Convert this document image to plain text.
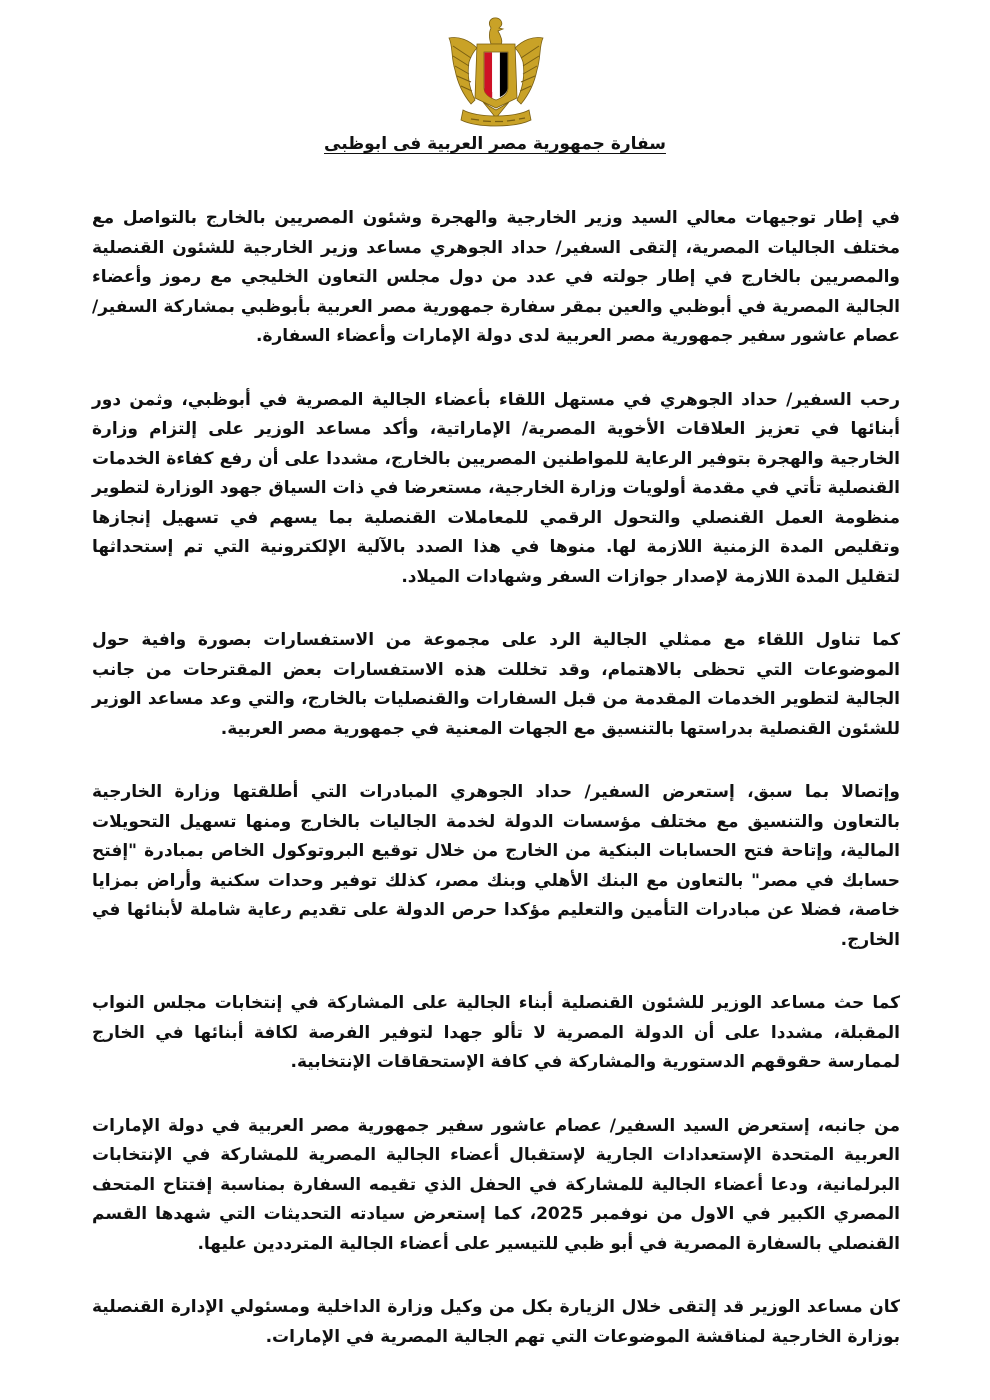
سفارة جمهورية مصر العربية فى ابوظبى

في إطار توجيهات معالي السيد وزير الخارجية والهجرة وشئون المصريين بالخارج بالتواصل مع مختلف الجاليات المصرية، إلتقى السفير/ حداد الجوهري مساعد وزير الخارجية للشئون القنصلية والمصريين بالخارج في إطار جولته في عدد من دول مجلس التعاون الخليجي مع رموز وأعضاء الجالية المصرية في أبوظبي والعين بمقر سفارة جمهورية مصر العربية بأبوظبي بمشاركة السفير/ عصام عاشور سفير جمهورية مصر العربية لدى دولة الإمارات وأعضاء السفارة.

رحب السفير/ حداد الجوهري في مستهل اللقاء بأعضاء الجالية المصرية في أبوظبي، وثمن دور أبنائها في تعزيز العلاقات الأخوية المصرية/ الإماراتية، وأكد مساعد الوزير على إلتزام وزارة الخارجية والهجرة بتوفير الرعاية للمواطنين المصريين بالخارج، مشددا على أن رفع كفاءة الخدمات القنصلية تأتي في مقدمة أولويات وزارة الخارجية، مستعرضا في ذات السياق جهود الوزارة لتطوير منظومة العمل القنصلي والتحول الرقمي للمعاملات القنصلية بما يسهم في تسهيل إنجازها وتقليص المدة الزمنية اللازمة لها. منوها في هذا الصدد بالآلية الإلكترونية التي تم إستحداثها لتقليل المدة اللازمة لإصدار جوازات السفر وشهادات الميلاد.

كما تناول اللقاء مع ممثلي الجالية الرد على مجموعة من الاستفسارات بصورة وافية حول الموضوعات التي تحظى بالاهتمام، وقد تخللت هذه الاستفسارات بعض المقترحات من جانب الجالية لتطوير الخدمات المقدمة من قبل السفارات والقنصليات بالخارج، والتي وعد مساعد الوزير للشئون القنصلية بدراستها بالتنسيق مع الجهات المعنية في جمهورية مصر العربية.

وإتصالا بما سبق، إستعرض السفير/ حداد الجوهري المبادرات التي أطلقتها وزارة الخارجية بالتعاون والتنسيق مع مختلف مؤسسات الدولة لخدمة الجاليات بالخارج ومنها تسهيل التحويلات المالية، وإتاحة فتح الحسابات البنكية من الخارج من خلال توقيع البروتوكول الخاص بمبادرة "إفتح حسابك في مصر" بالتعاون مع البنك الأهلي وبنك مصر، كذلك توفير وحدات سكنية وأراض بمزايا خاصة، فضلا عن مبادرات التأمين والتعليم مؤكدا حرص الدولة على تقديم رعاية شاملة لأبنائها في الخارج.

كما حث مساعد الوزير للشئون القنصلية أبناء الجالية على المشاركة في إنتخابات مجلس النواب المقبلة، مشددا على أن الدولة المصرية لا تألو جهدا لتوفير الفرصة لكافة أبنائها في الخارج لممارسة حقوقهم الدستورية والمشاركة في كافة الإستحقاقات الإنتخابية.

من جانبه، إستعرض السيد السفير/ عصام عاشور سفير جمهورية مصر العربية في دولة الإمارات العربية المتحدة الإستعدادات الجارية لإستقبال أعضاء الجالية المصرية للمشاركة في الإنتخابات البرلمانية، ودعا أعضاء الجالية للمشاركة في الحفل الذي تقيمه السفارة بمناسبة إفتتاح المتحف المصري الكبير في الاول من نوفمبر 2025، كما إستعرض سيادته التحديثات التي شهدها القسم القنصلي بالسفارة المصرية في أبو ظبي للتيسير على أعضاء الجالية المترددين عليها.

كان مساعد الوزير قد إلتقى خلال الزيارة بكل من وكيل وزارة الداخلية ومسئولي الإدارة القنصلية بوزارة الخارجية لمناقشة الموضوعات التي تهم الجالية المصرية في الإمارات.
